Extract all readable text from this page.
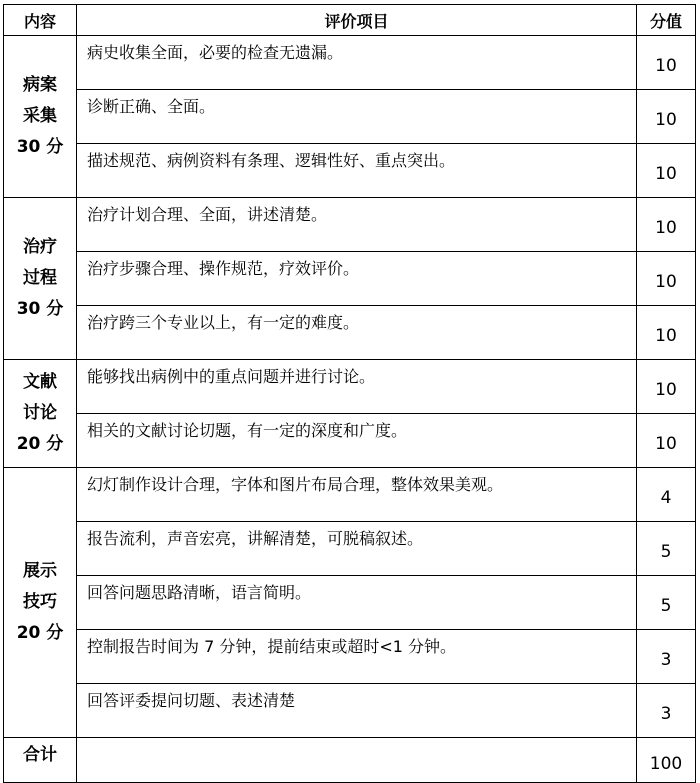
内容	评价项目	分值

病案
采集
30 分	病史收集全面，必要的检查无遗漏。	10
	诊断正确、全面。	10
	描述规范、病例资料有条理、逻辑性好、重点突出。	10

治疗
过程
30 分	治疗计划合理、全面，讲述清楚。	10
	治疗步骤合理、操作规范，疗效评价。	10
	治疗跨三个专业以上，有一定的难度。	10

文献
讨论
20 分	能够找出病例中的重点问题并进行讨论。	10
	相关的文献讨论切题，有一定的深度和广度。	10

展示
技巧
20 分	幻灯制作设计合理，字体和图片布局合理，整体效果美观。	4
	报告流利，声音宏亮，讲解清楚，可脱稿叙述。	5
	回答问题思路清晰，语言简明。	5
	控制报告时间为 7 分钟，提前结束或超时<1 分钟。	3
	回答评委提问切题、表述清楚	3
合计		100
